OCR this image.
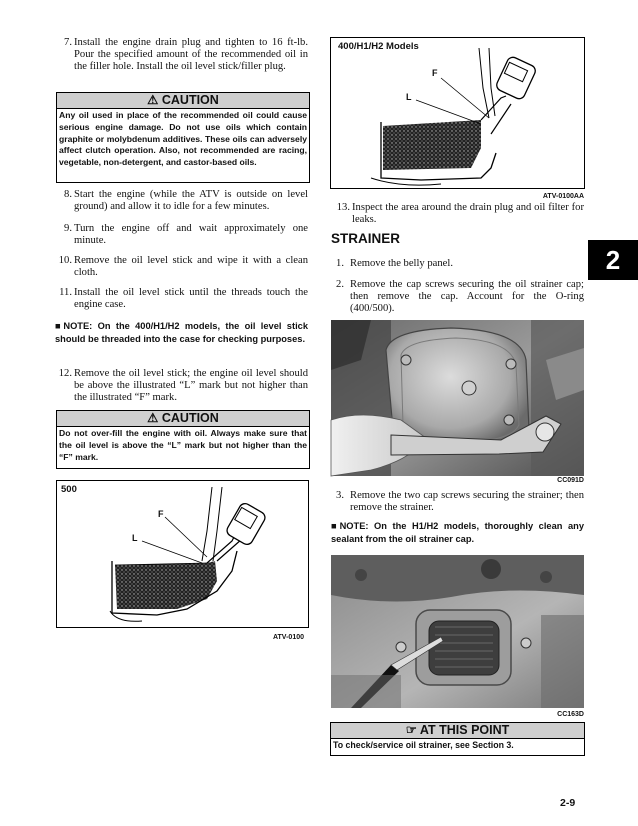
7. Install the engine drain plug and tighten to 16 ft-lb. Pour the specified amount of the recommended oil in the filler hole. Install the oil level stick/filler plug.
⚠ CAUTION
Any oil used in place of the recommended oil could cause serious engine damage. Do not use oils which contain graphite or molybdenum additives. These oils can adversely affect clutch operation. Also, not recommended are racing, vegetable, non-detergent, and castor-based oils.
8. Start the engine (while the ATV is outside on level ground) and allow it to idle for a few minutes.
9. Turn the engine off and wait approximately one minute.
10. Remove the oil level stick and wipe it with a clean cloth.
11. Install the oil level stick until the threads touch the engine case.
■NOTE: On the 400/H1/H2 models, the oil level stick should be threaded into the case for checking purposes.
12. Remove the oil level stick; the engine oil level should be above the illustrated “L” mark but not higher than the illustrated “F” mark.
⚠ CAUTION
Do not over-fill the engine with oil. Always make sure that the oil level is above the “L” mark but not higher than the “F” mark.
500
F
L
ATV-0100
400/H1/H2 Models
F
L
ATV-0100AA
13. Inspect the area around the drain plug and oil filter for leaks.
STRAINER
1. Remove the belly panel.
2. Remove the cap screws securing the oil strainer cap; then remove the cap. Account for the O-ring (400/500).
CC091D
3. Remove the two cap screws securing the strainer; then remove the strainer.
■NOTE: On the H1/H2 models, thoroughly clean any sealant from the oil strainer cap.
CC163D
☞ AT THIS POINT
To check/service oil strainer, see Section 3.
2
2-9
